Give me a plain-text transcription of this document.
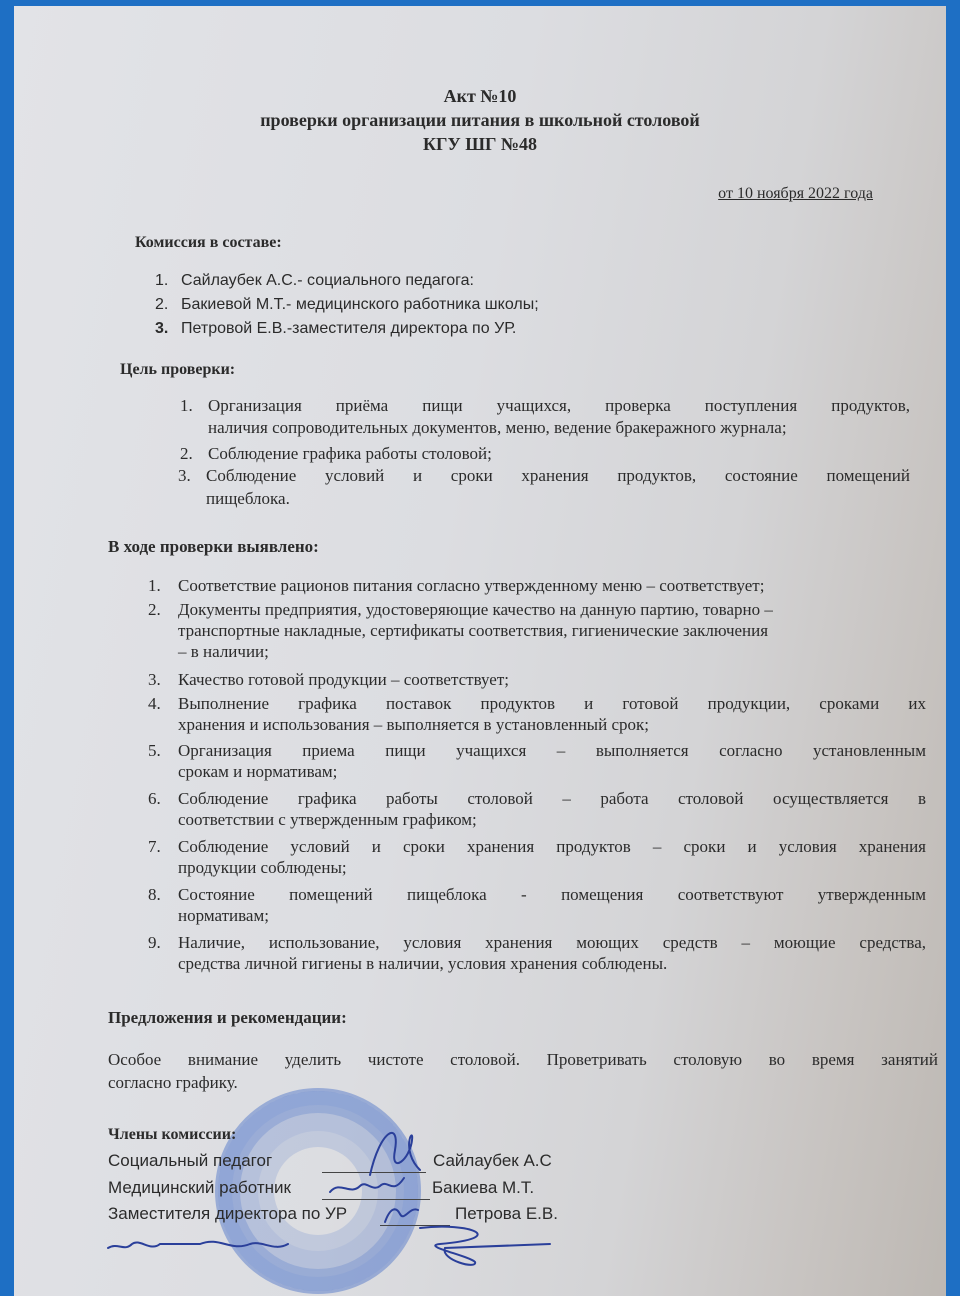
Акт №10
проверки организации питания в школьной столовой
КГУ ШГ №48
от 10 ноября 2022 года
Комиссия в составе:
1. Сайлаубек А.С.- социального педагога:
2. Бакиевой М.Т.- медицинского работника школы;
3. Петровой Е.В.-заместителя директора по УР.
Цель проверки:
1. Организация приёма пищи учащихся, проверка поступления продуктов,
наличия сопроводительных документов, меню, ведение бракеражного журнала;
2. Соблюдение графика работы столовой;
3. Соблюдение условий и сроки хранения продуктов, состояние помещений
пищеблока.
В ходе проверки выявлено:
1. Соответствие рационов питания согласно утвержденному меню – соответствует;
2. Документы предприятия, удостоверяющие качество на данную партию, товарно –
транспортные накладные, сертификаты соответствия, гигиенические заключения
– в наличии;
3. Качество готовой продукции – соответствует;
4. Выполнение графика поставок продуктов и готовой продукции, сроками их
хранения и использования – выполняется в установленный срок;
5. Организация приема пищи учащихся – выполняется согласно установленным
срокам и нормативам;
6. Соблюдение графика работы столовой – работа столовой осуществляется в
соответствии с утвержденным графиком;
7. Соблюдение условий и сроки хранения продуктов – сроки и условия хранения
продукции соблюдены;
8. Состояние помещений пищеблока - помещения соответствуют утвержденным
нормативам;
9. Наличие, использование, условия хранения моющих средств – моющие средства,
средства личной гигиены в наличии, условия хранения соблюдены.
Предложения и рекомендации:
Особое внимание уделить чистоте столовой. Проветривать столовую во время занятий
согласно графику.
Члены комиссии:
Социальный педагог	Сайлаубек А.С
Медицинский работник	Бакиева М.Т.
Заместителя директора по УР	Петрова Е.В.
